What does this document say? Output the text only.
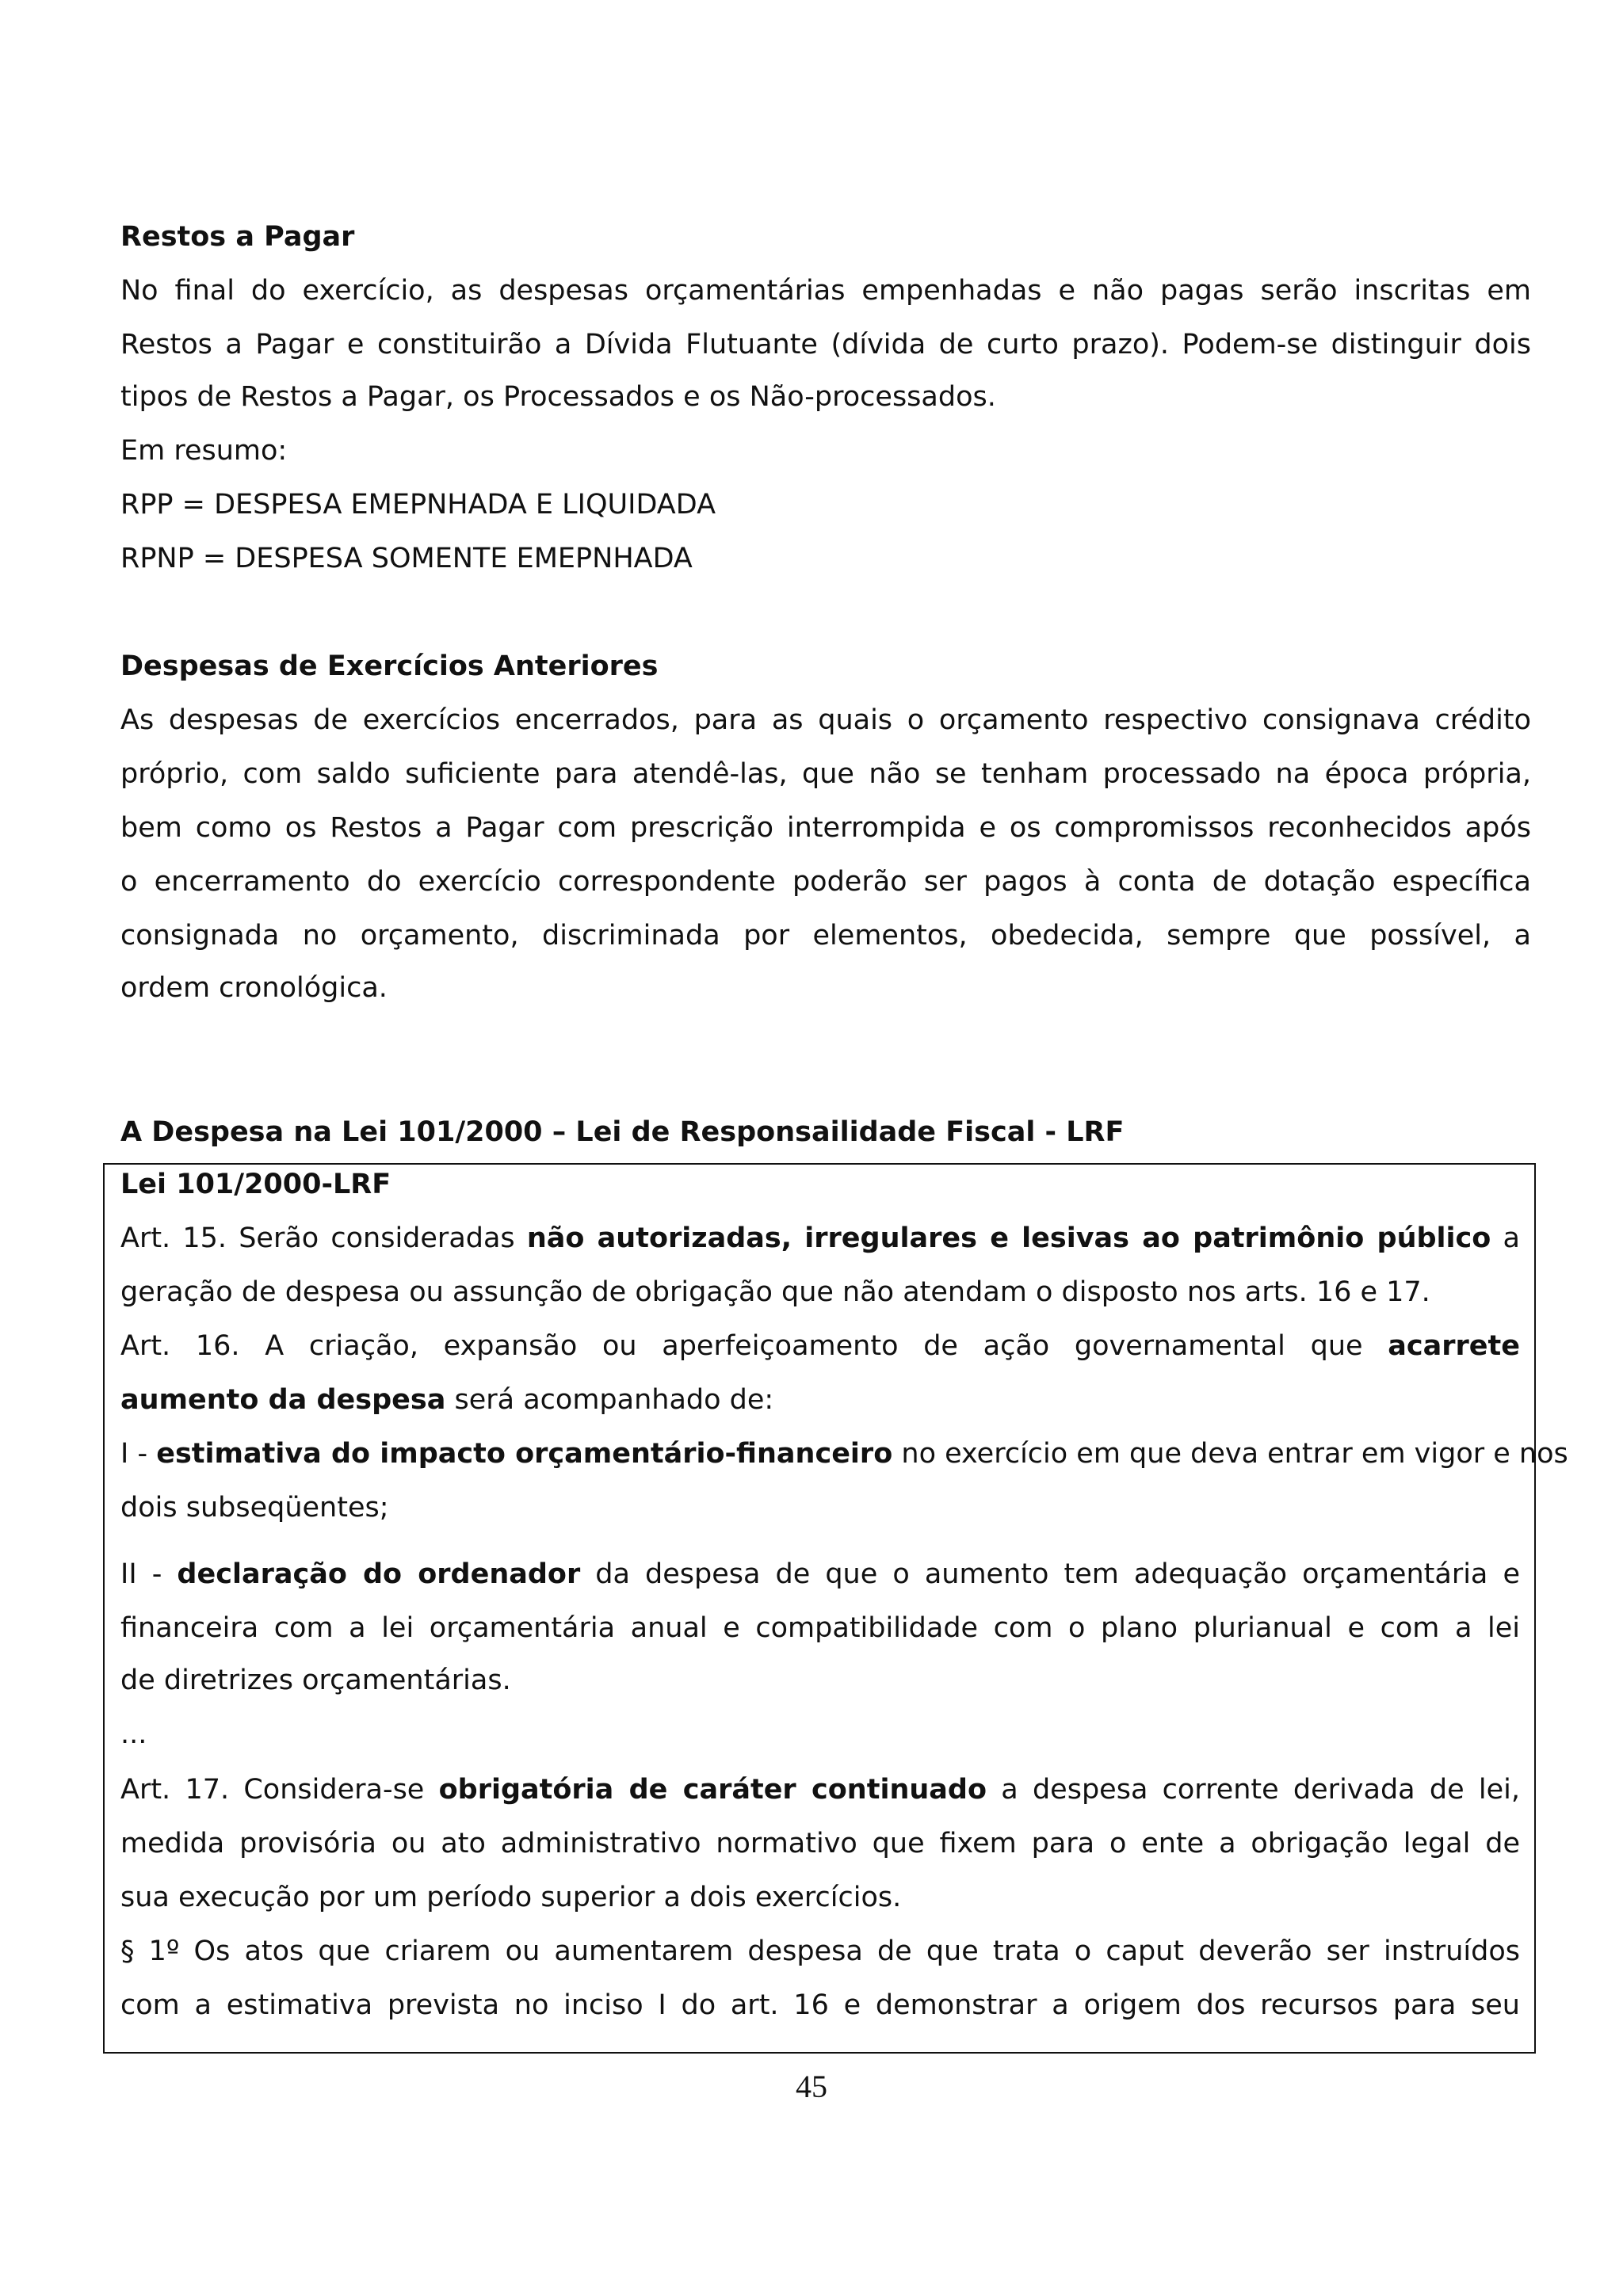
Restos a Pagar
No final do exercício, as despesas orçamentárias empenhadas e não pagas serão inscritas em
Restos a Pagar e constituirão a Dívida Flutuante (dívida de curto prazo). Podem-se distinguir dois
tipos de Restos a Pagar, os Processados e os Não-processados.
Em resumo:
RPP = DESPESA EMEPNHADA E LIQUIDADA
RPNP = DESPESA SOMENTE EMEPNHADA
Despesas de Exercícios Anteriores
As despesas de exercícios encerrados, para as quais o orçamento respectivo consignava crédito
próprio, com saldo suficiente para atendê-las, que não se tenham processado na época própria,
bem como os Restos a Pagar com prescrição interrompida e os compromissos reconhecidos após
o encerramento do exercício correspondente poderão ser pagos à conta de dotação específica
consignada no orçamento, discriminada por elementos, obedecida, sempre que possível, a
ordem cronológica.
A Despesa na Lei 101/2000 – Lei de Responsailidade Fiscal - LRF
Lei 101/2000-LRF
Art. 15. Serão consideradas não autorizadas, irregulares e lesivas ao patrimônio público a
geração de despesa ou assunção de obrigação que não atendam o disposto nos arts. 16 e 17.
Art. 16. A criação, expansão ou aperfeiçoamento de ação governamental que acarrete
aumento da despesa será acompanhado de:
I - estimativa do impacto orçamentário-financeiro no exercício em que deva entrar em vigor e nos
dois subseqüentes;
II - declaração do ordenador da despesa de que o aumento tem adequação orçamentária e
financeira com a lei orçamentária anual e compatibilidade com o plano plurianual e com a lei
de diretrizes orçamentárias.
...
Art. 17. Considera-se obrigatória de caráter continuado a despesa corrente derivada de lei,
medida provisória ou ato administrativo normativo que fixem para o ente a obrigação legal de
sua execução por um período superior a dois exercícios.
§ 1º Os atos que criarem ou aumentarem despesa de que trata o caput deverão ser instruídos
com a estimativa prevista no inciso I do art. 16 e demonstrar a origem dos recursos para seu
45
